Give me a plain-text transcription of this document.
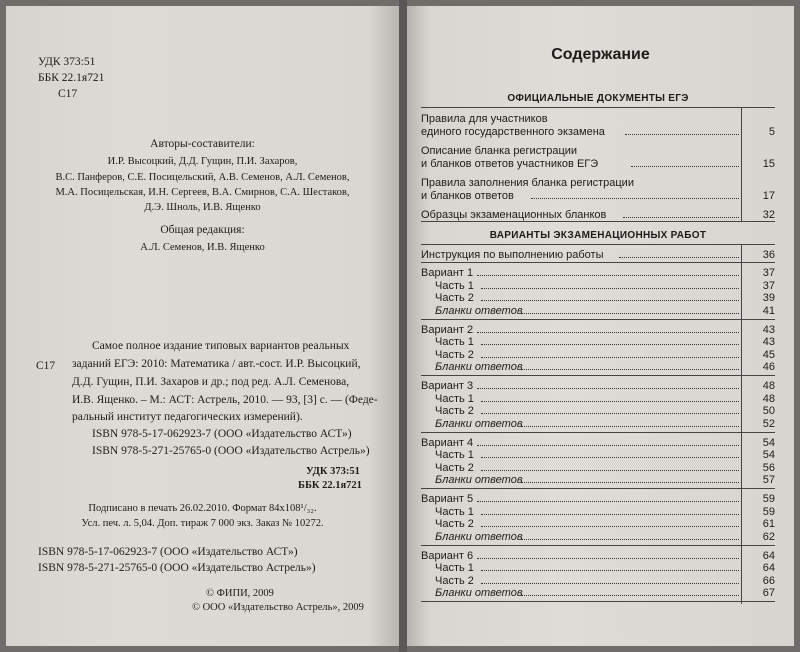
УДК 373:51
ББК 22.1я721
С17
Авторы-составители:
И.Р. Высоцкий, Д.Д. Гущин, П.И. Захаров,
В.С. Панферов, С.Е. Посицельский, А.В. Семенов, А.Л. Семенов,
М.А. Посицельская, И.Н. Сергеев, В.А. Смирнов, С.А. Шестаков,
Д.Э. Шноль, И.В. Ященко
Общая редакция:
А.Л. Семенов, И.В. Ященко
С17
Самое полное издание типовых вариантов реальных
заданий ЕГЭ: 2010: Математика / авт.-сост. И.Р. Высоцкий,
Д.Д. Гущин, П.И. Захаров и др.; под ред. А.Л. Семенова,
И.В. Ященко. – М.: АСТ: Астрель, 2010. — 93, [3] с. — (Феде-
ральный институт педагогических измерений).
ISBN 978-5-17-062923-7 (ООО «Издательство АСТ»)
ISBN 978-5-271-25765-0 (ООО «Издательство Астрель»)
УДК 373:51
ББК 22.1я721
Подписано в печать 26.02.2010. Формат 84х108¹/₃₂.
Усл. печ. л. 5,04. Доп. тираж 7 000 экз. Заказ № 10272.
ISBN 978-5-17-062923-7 (ООО «Издательство АСТ»)
ISBN 978-5-271-25765-0 (ООО «Издательство Астрель»)
© ФИПИ, 2009
© ООО «Издательство Астрель», 2009
Содержание
ОФИЦИАЛЬНЫЕ ДОКУМЕНТЫ ЕГЭ
Правила для участников
единого государственного экзамена	5
Описание бланка регистрации
и бланков ответов участников ЕГЭ	15
Правила заполнения бланка регистрации
и бланков ответов	17
Образцы экзаменационных бланков	32
ВАРИАНТЫ ЭКЗАМЕНАЦИОННЫХ РАБОТ
Инструкция по выполнению работы	36
Вариант 1	37
Часть 1	37
Часть 2	39
Бланки ответов	41
Вариант 2	43
Часть 1	43
Часть 2	45
Бланки ответов	46
Вариант 3	48
Часть 1	48
Часть 2	50
Бланки ответов	52
Вариант 4	54
Часть 1	54
Часть 2	56
Бланки ответов	57
Вариант 5	59
Часть 1	59
Часть 2	61
Бланки ответов	62
Вариант 6	64
Часть 1	64
Часть 2	66
Бланки ответов	67
